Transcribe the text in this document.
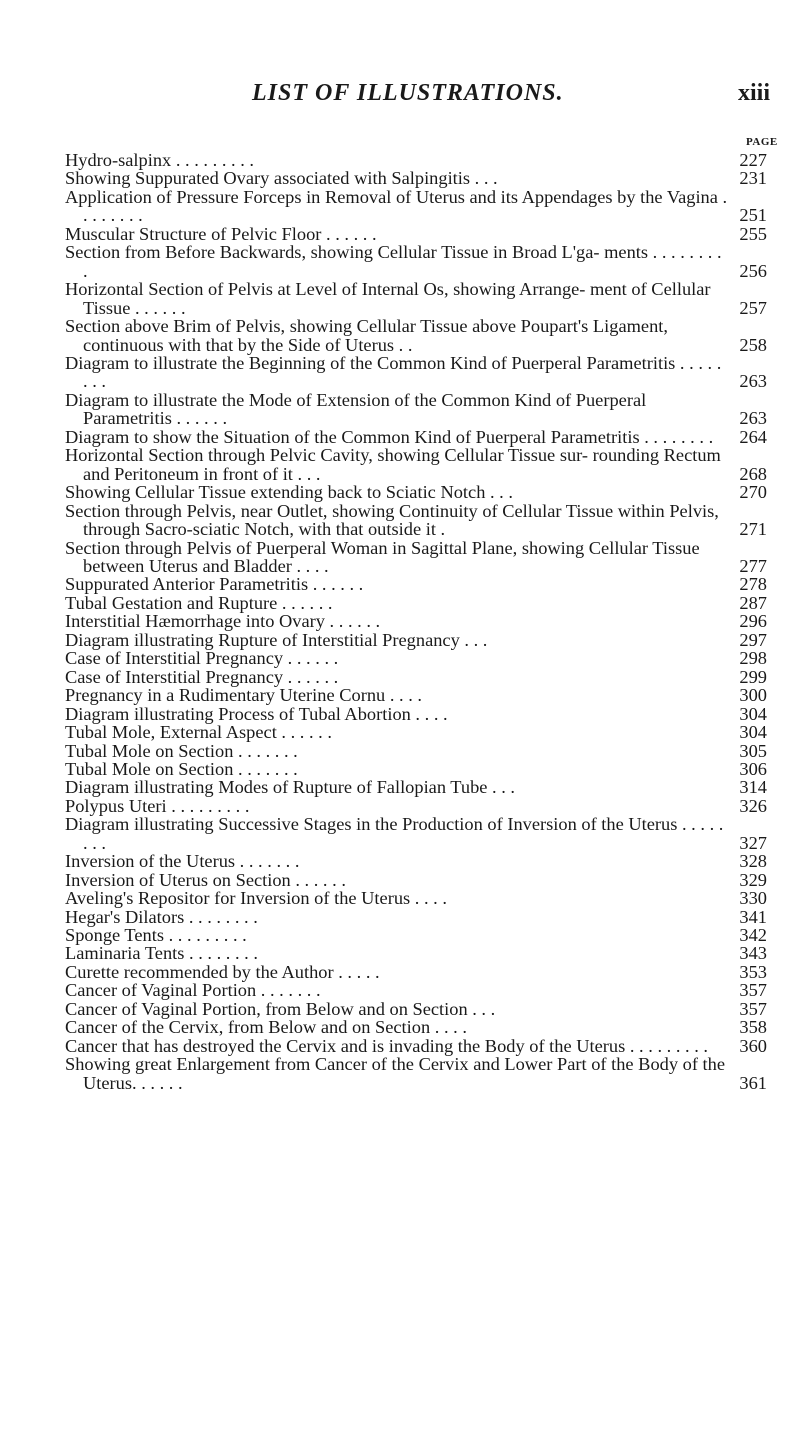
LIST OF ILLUSTRATIONS.	xiii
PAGE
Hydro-salpinx . . . . . . . . .	227
Showing Suppurated Ovary associated with Salpingitis . . .	231
Application of Pressure Forceps in Removal of Uterus and its Appendages by the Vagina . . . . . . . .	251
Muscular Structure of Pelvic Floor . . . . . .	255
Section from Before Backwards, showing Cellular Tissue in Broad L'ga- ments . . . . . . . . .	256
Horizontal Section of Pelvis at Level of Internal Os, showing Arrange- ment of Cellular Tissue . . . . . .	257
Section above Brim of Pelvis, showing Cellular Tissue above Poupart's Ligament, continuous with that by the Side of Uterus . .	258
Diagram to illustrate the Beginning of the Common Kind of Puerperal Parametritis . . . . . . . .	263
Diagram to illustrate the Mode of Extension of the Common Kind of Puerperal Parametritis . . . . . .	263
Diagram to show the Situation of the Common Kind of Puerperal Parametritis . . . . . . . .	264
Horizontal Section through Pelvic Cavity, showing Cellular Tissue sur- rounding Rectum and Peritoneum in front of it . . .	268
Showing Cellular Tissue extending back to Sciatic Notch . . .	270
Section through Pelvis, near Outlet, showing Continuity of Cellular Tissue within Pelvis, through Sacro-sciatic Notch, with that outside it .	271
Section through Pelvis of Puerperal Woman in Sagittal Plane, showing Cellular Tissue between Uterus and Bladder . . . .	277
Suppurated Anterior Parametritis . . . . . .	278
Tubal Gestation and Rupture . . . . . .	287
Interstitial Hæmorrhage into Ovary . . . . . .	296
Diagram illustrating Rupture of Interstitial Pregnancy . . .	297
Case of Interstitial Pregnancy . . . . . .	298
Case of Interstitial Pregnancy . . . . . .	299
Pregnancy in a Rudimentary Uterine Cornu . . . .	300
Diagram illustrating Process of Tubal Abortion . . . .	304
Tubal Mole, External Aspect . . . . . .	304
Tubal Mole on Section . . . . . . .	305
Tubal Mole on Section . . . . . . .	306
Diagram illustrating Modes of Rupture of Fallopian Tube . . .	314
Polypus Uteri . . . . . . . . .	326
Diagram illustrating Successive Stages in the Production of Inversion of the Uterus . . . . . . . .	327
Inversion of the Uterus . . . . . . .	328
Inversion of Uterus on Section . . . . . .	329
Aveling's Repositor for Inversion of the Uterus . . . .	330
Hegar's Dilators . . . . . . . .	341
Sponge Tents . . . . . . . . .	342
Laminaria Tents . . . . . . . .	343
Curette recommended by the Author . . . . .	353
Cancer of Vaginal Portion . . . . . . .	357
Cancer of Vaginal Portion, from Below and on Section . . .	357
Cancer of the Cervix, from Below and on Section . . . .	358
Cancer that has destroyed the Cervix and is invading the Body of the Uterus . . . . . . . . .	360
Showing great Enlargement from Cancer of the Cervix and Lower Part of the Body of the Uterus. . . . . .	361
